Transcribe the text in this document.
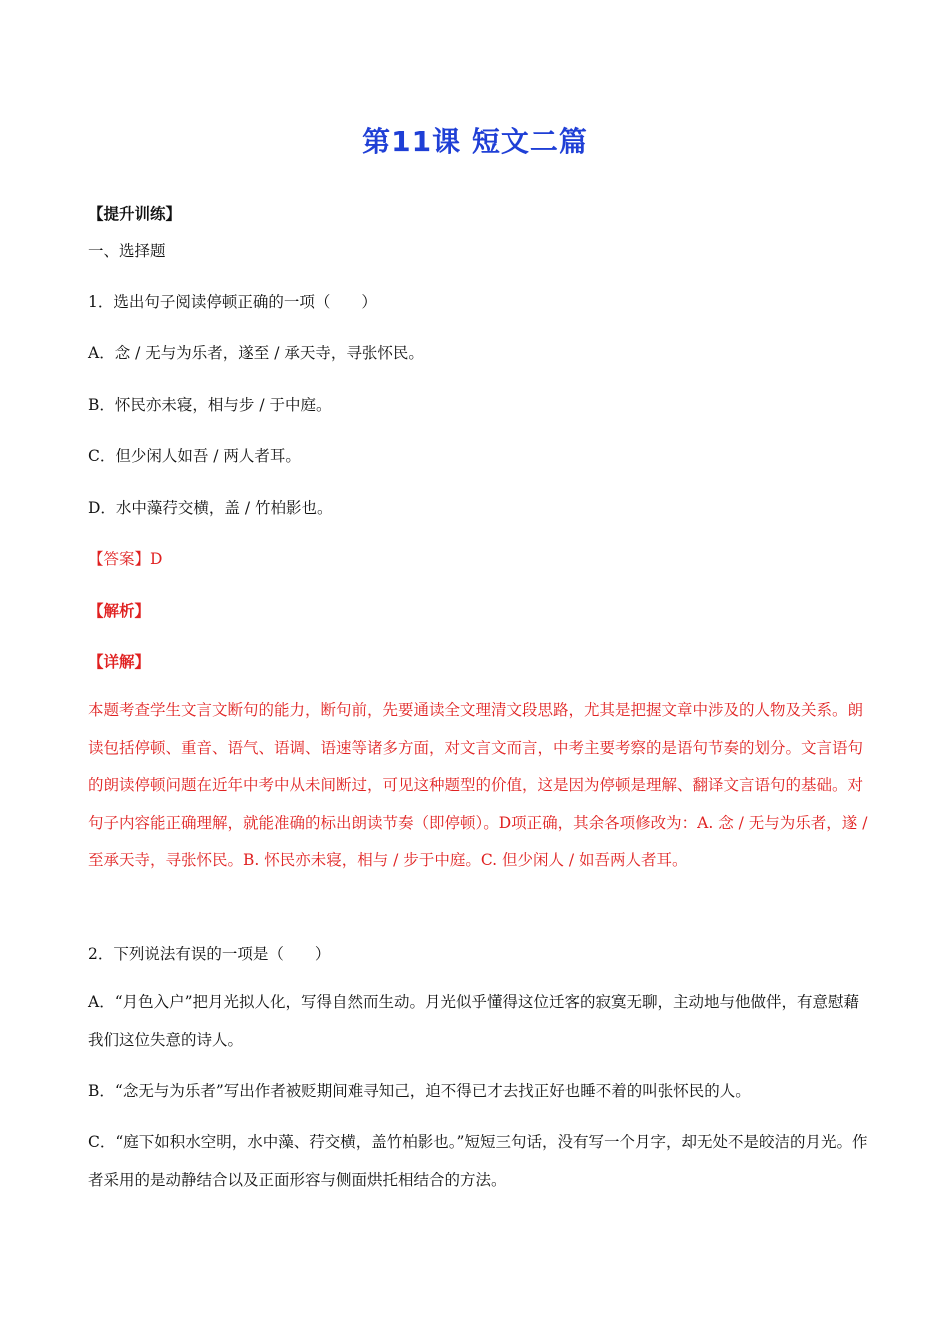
第11课 短文二篇
【提升训练】
一、选择题
1．选出句子阅读停顿正确的一项（　　）
A．念 / 无与为乐者，遂至 / 承天寺，寻张怀民。
B．怀民亦未寝，相与步 / 于中庭。
C．但少闲人如吾 / 两人者耳。
D．水中藻荇交横，盖 / 竹柏影也。
【答案】D
【解析】
【详解】
本题考查学生文言文断句的能力，断句前，先要通读全文理清文段思路，尤其是把握文章中涉及的人物及关系。朗读包括停顿、重音、语气、语调、语速等诸多方面，对文言文而言，中考主要考察的是语句节奏的划分。文言语句的朗读停顿问题在近年中考中从未间断过，可见这种题型的价值，这是因为停顿是理解、翻译文言语句的基础。对句子内容能正确理解，就能准确的标出朗读节奏（即停顿）。D项正确，其余各项修改为：A. 念 / 无与为乐者，遂 / 至承天寺，寻张怀民。B. 怀民亦未寝，相与 / 步于中庭。C. 但少闲人 / 如吾两人者耳。
2．下列说法有误的一项是（　　）
A．“月色入户”把月光拟人化，写得自然而生动。月光似乎懂得这位迁客的寂寞无聊，主动地与他做伴，有意慰藉我们这位失意的诗人。
B．“念无与为乐者”写出作者被贬期间难寻知己，迫不得已才去找正好也睡不着的叫张怀民的人。
C．“庭下如积水空明，水中藻、荇交横，盖竹柏影也。”短短三句话，没有写一个月字，却无处不是皎洁的月光。作者采用的是动静结合以及正面形容与侧面烘托相结合的方法。
